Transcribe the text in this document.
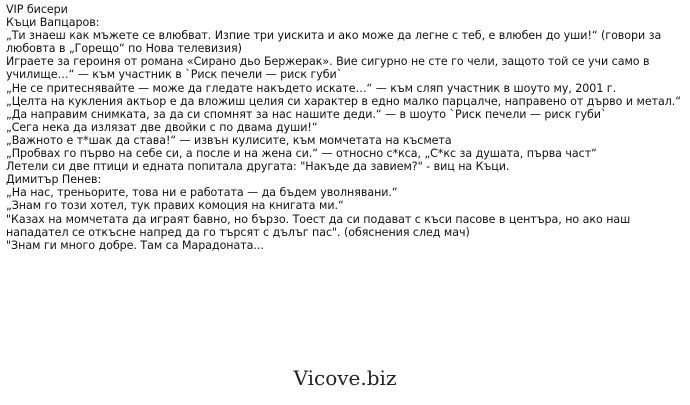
VIP бисери
Къци Вапцаров:
„Ти знаеш как мъжете се влюбват. Изпие три уискита и ако може да легне с теб, е влюбен до уши!“ (говори за любовта в „Горещо“ по Нова телевизия)
Играете за героиня от романа «Сирано дьо Бержерак». Вие сигурно не сте го чели, защото той се учи само в училище…“ — към участник в `Риск печели — риск губи`
„Не се притеснявайте — може да гледате накъдето искате…“ — към сляп участник в шоуто му, 2001 г.
„Целта на кукления актьор е да вложиш целия си характер в едно малко парцалче, направено от дърво и метал.“
„Да направим снимката, за да си спомнят за нас нашите деди.“ — в шоуто `Риск печели — риск губи`
„Сега нека да излязат две двойки с по двама души!“
„Важното е т*шак да става!“ — извън кулисите, към момчетата на късмета
„Пробвах го първо на себе си, а после и на жена си.“ — относно с*кса, „С*кс за душата, първа част“
Летели си две птици и едната попитала другата: "Накъде да завием?" - виц на Къци.
Димитър Пенев:
„На нас, треньорите, това ни е работата — да бъдем уволнявани.“
„Знам го този хотел, тук правих комоция на книгата ми.“
"Казах на момчетата да играят бавно, но бързо. Тоест да си подават с къси пасове в центъра, но ако наш нападател се откъсне напред да го търсят с дълъг пас". (обяснения след мач)
"Знам ги много добре. Там са Марадоната...
Vicove.biz
